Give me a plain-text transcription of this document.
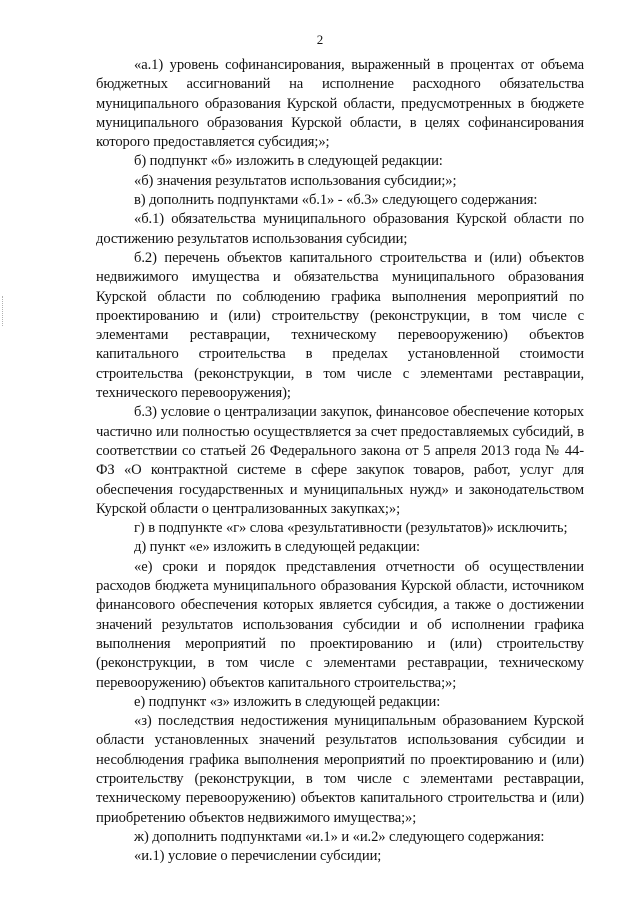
2

«а.1) уровень софинансирования, выраженный в процентах от объема бюджетных ассигнований на исполнение расходного обязательства муниципального образования Курской области, предусмотренных в бюджете муниципального образования Курской области, в целях софинансирования которого предоставляется субсидия;»;

б) подпункт «б» изложить в следующей редакции:

«б) значения результатов использования субсидии;»;

в) дополнить подпунктами «б.1» - «б.3» следующего содержания:

«б.1) обязательства муниципального образования Курской области по достижению результатов использования субсидии;

б.2) перечень объектов капитального строительства и (или) объектов недвижимого имущества и обязательства муниципального образования Курской области по соблюдению графика выполнения мероприятий по проектированию и (или) строительству (реконструкции, в том числе с элементами реставрации, техническому перевооружению) объектов капитального строительства в пределах установленной стоимости строительства (реконструкции, в том числе с элементами реставрации, технического перевооружения);

б.3) условие о централизации закупок, финансовое обеспечение которых частично или полностью осуществляется за счет предоставляемых субсидий, в соответствии со статьей 26 Федерального закона от 5 апреля 2013 года № 44-ФЗ «О контрактной системе в сфере закупок товаров, работ, услуг для обеспечения государственных и муниципальных нужд» и законодательством Курской области о централизованных закупках;»;

г) в подпункте «г» слова «результативности (результатов)» исключить;

д) пункт «е» изложить в следующей редакции:

«е) сроки и порядок представления отчетности об осуществлении расходов бюджета муниципального образования Курской области, источником финансового обеспечения которых является субсидия, а также о достижении значений результатов использования субсидии и об исполнении графика выполнения мероприятий по проектированию и (или) строительству (реконструкции, в том числе с элементами реставрации, техническому перевооружению) объектов капитального строительства;»;

е) подпункт «з» изложить в следующей редакции:

«з) последствия недостижения муниципальным образованием Курской области установленных значений результатов использования субсидии и несоблюдения графика выполнения мероприятий по проектированию и (или) строительству (реконструкции, в том числе с элементами реставрации, техническому перевооружению) объектов капитального строительства и (или) приобретению объектов недвижимого имущества;»;

ж) дополнить подпунктами «и.1» и «и.2» следующего содержания:

«и.1) условие о перечислении субсидии;
